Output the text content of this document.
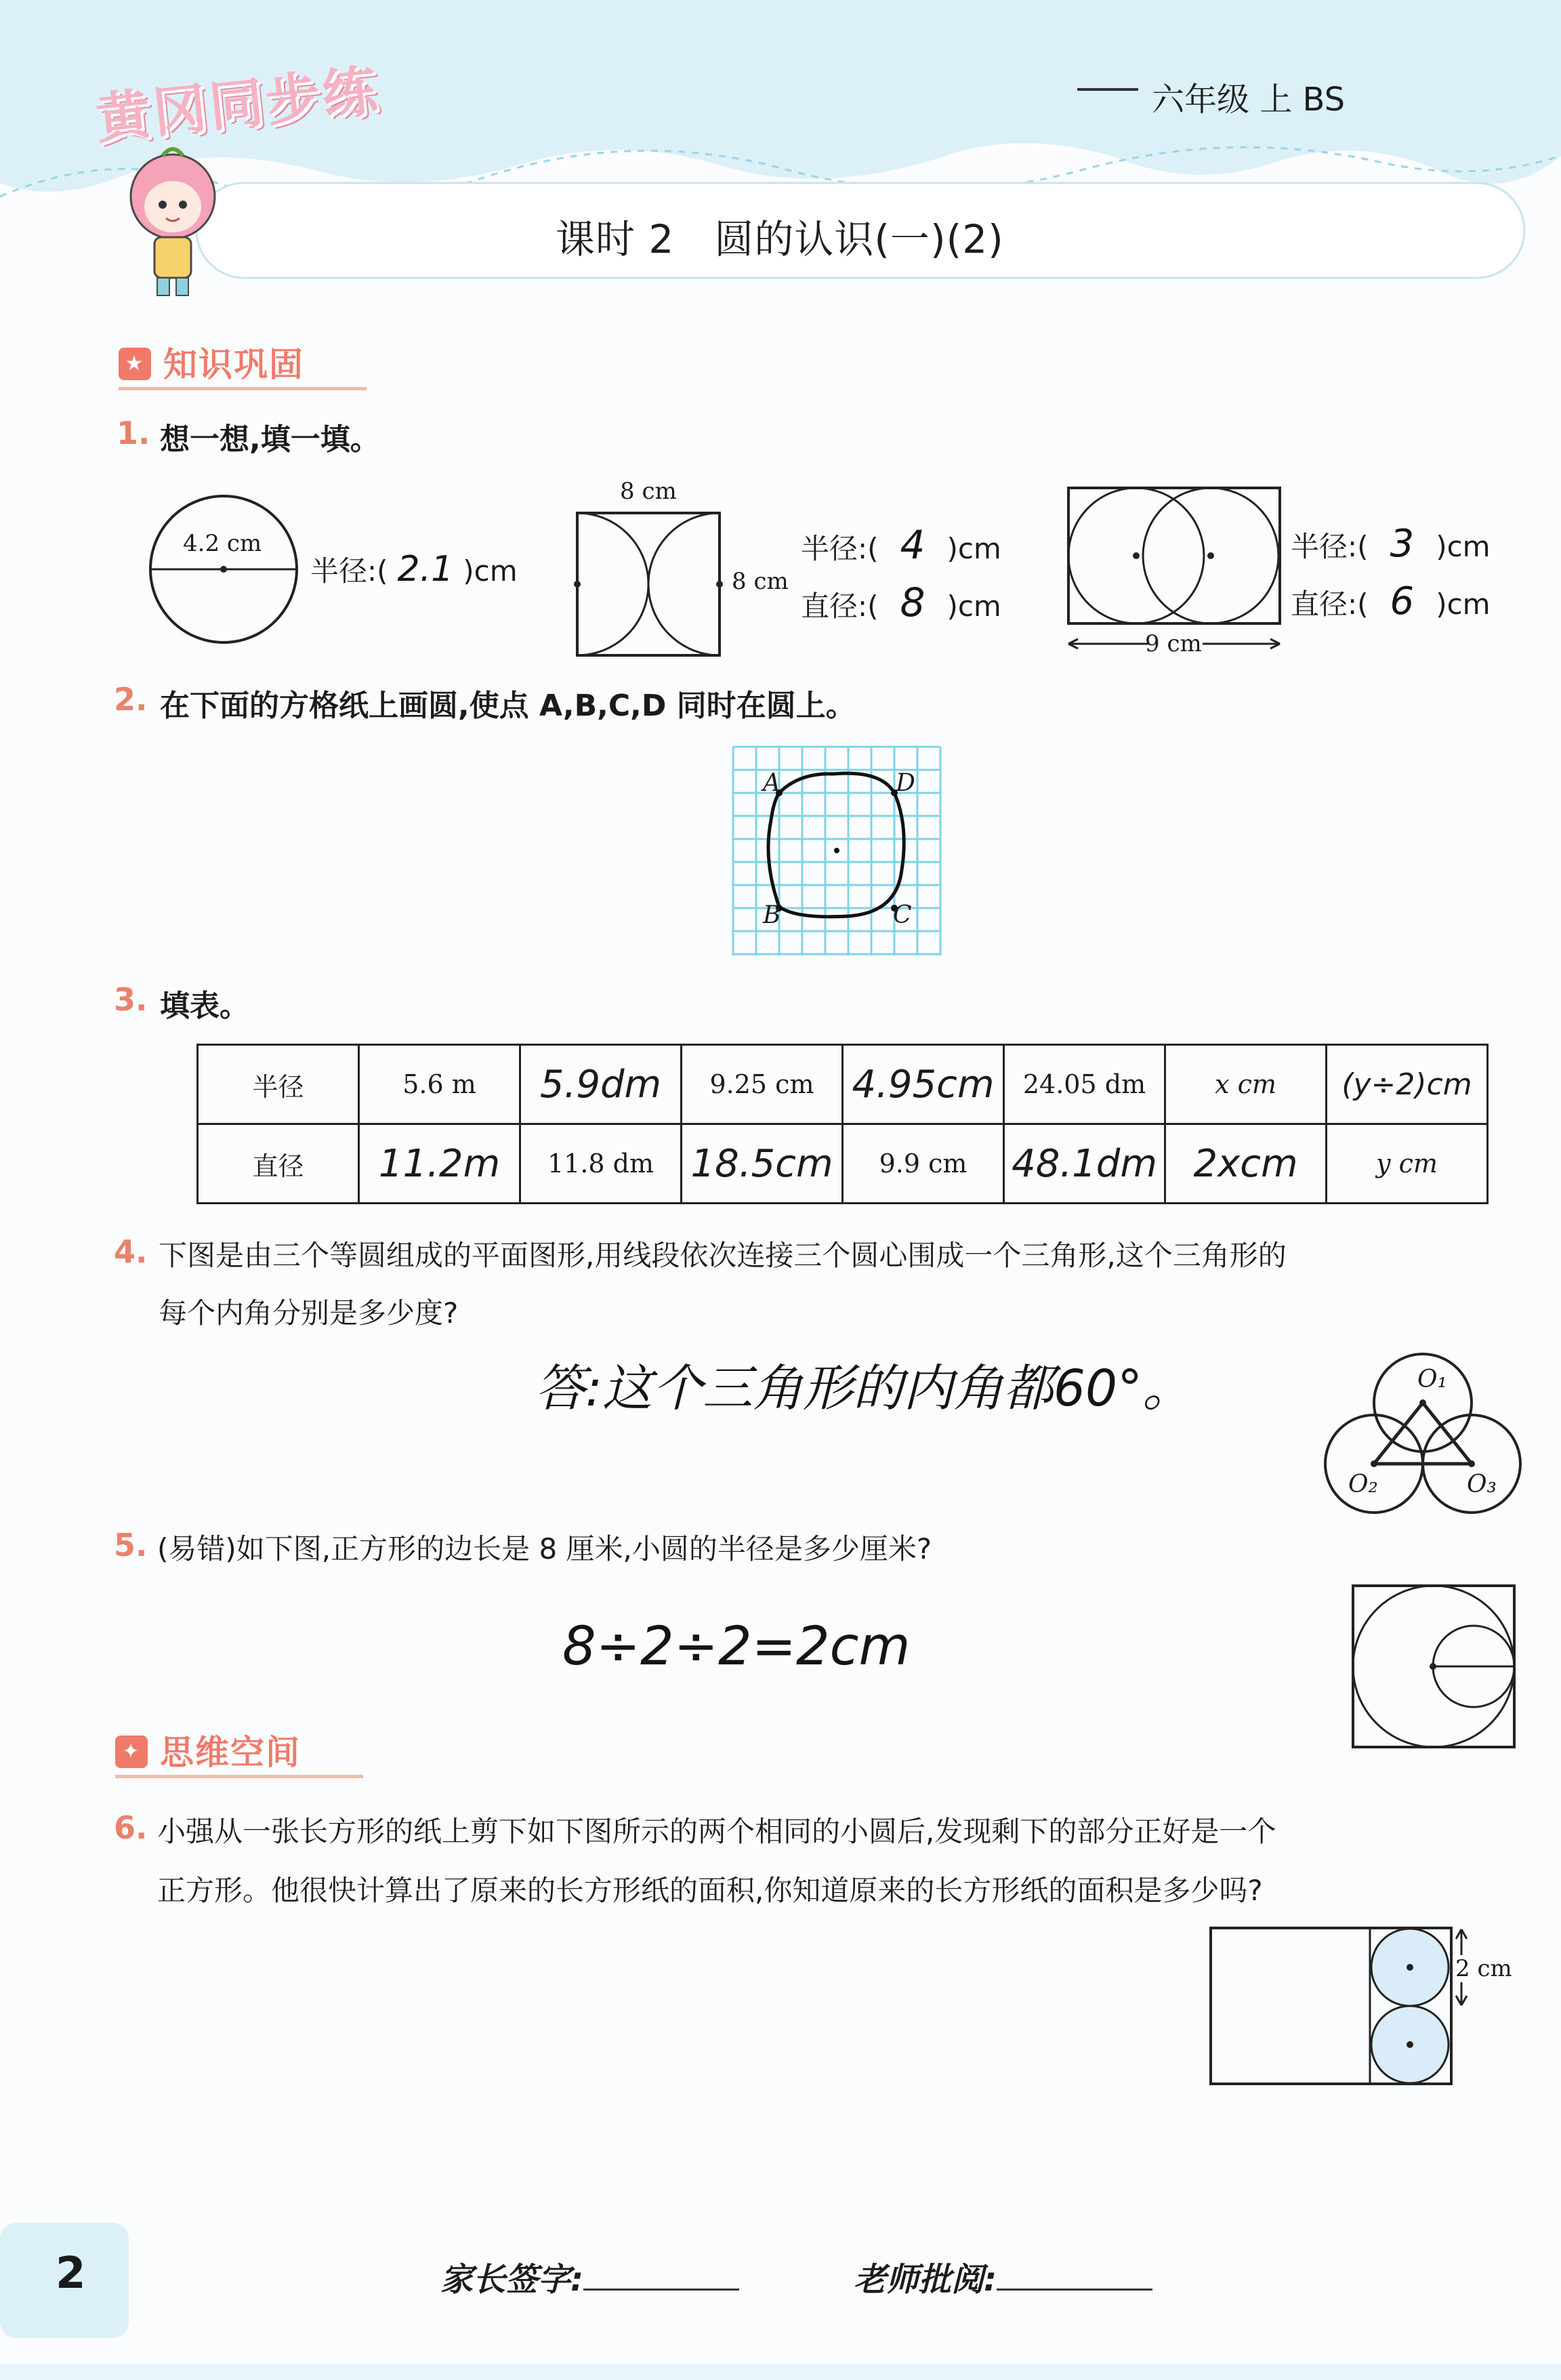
黄冈同步练	六年级 上 BS
课时 2　圆的认识(一)(2)
★ 知识巩固
1. 想一想,填一填。
4.2 cm
半径:( 2.1 )cm
8 cm
8 cm
半径:( 4 )cm
直径:( 8 )cm
9 cm
半径:( 3 )cm
直径:( 6 )cm
2. 在下面的方格纸上画圆,使点 A,B,C,D 同时在圆上。
A	D
B	C
3. 填表。
半径	5.6 m	5.9dm	9.25 cm	4.95cm	24.05 dm	x cm	(y÷2)cm
直径	11.2m	11.8 dm	18.5cm	9.9 cm	48.1dm	2xcm	y cm
4. 下图是由三个等圆组成的平面图形,用线段依次连接三个圆心围成一个三角形,这个三角形的
每个内角分别是多少度?
答:这个三角形的内角都60°。	O₁
O₂	O₃
5. (易错)如下图,正方形的边长是 8 厘米,小圆的半径是多少厘米?
8÷2÷2=2cm
✦ 思维空间
6. 小强从一张长方形的纸上剪下如下图所示的两个相同的小圆后,发现剩下的部分正好是一个
正方形。他很快计算出了原来的长方形纸的面积,你知道原来的长方形纸的面积是多少吗?
2 cm
2	家长签字:	老师批阅:
